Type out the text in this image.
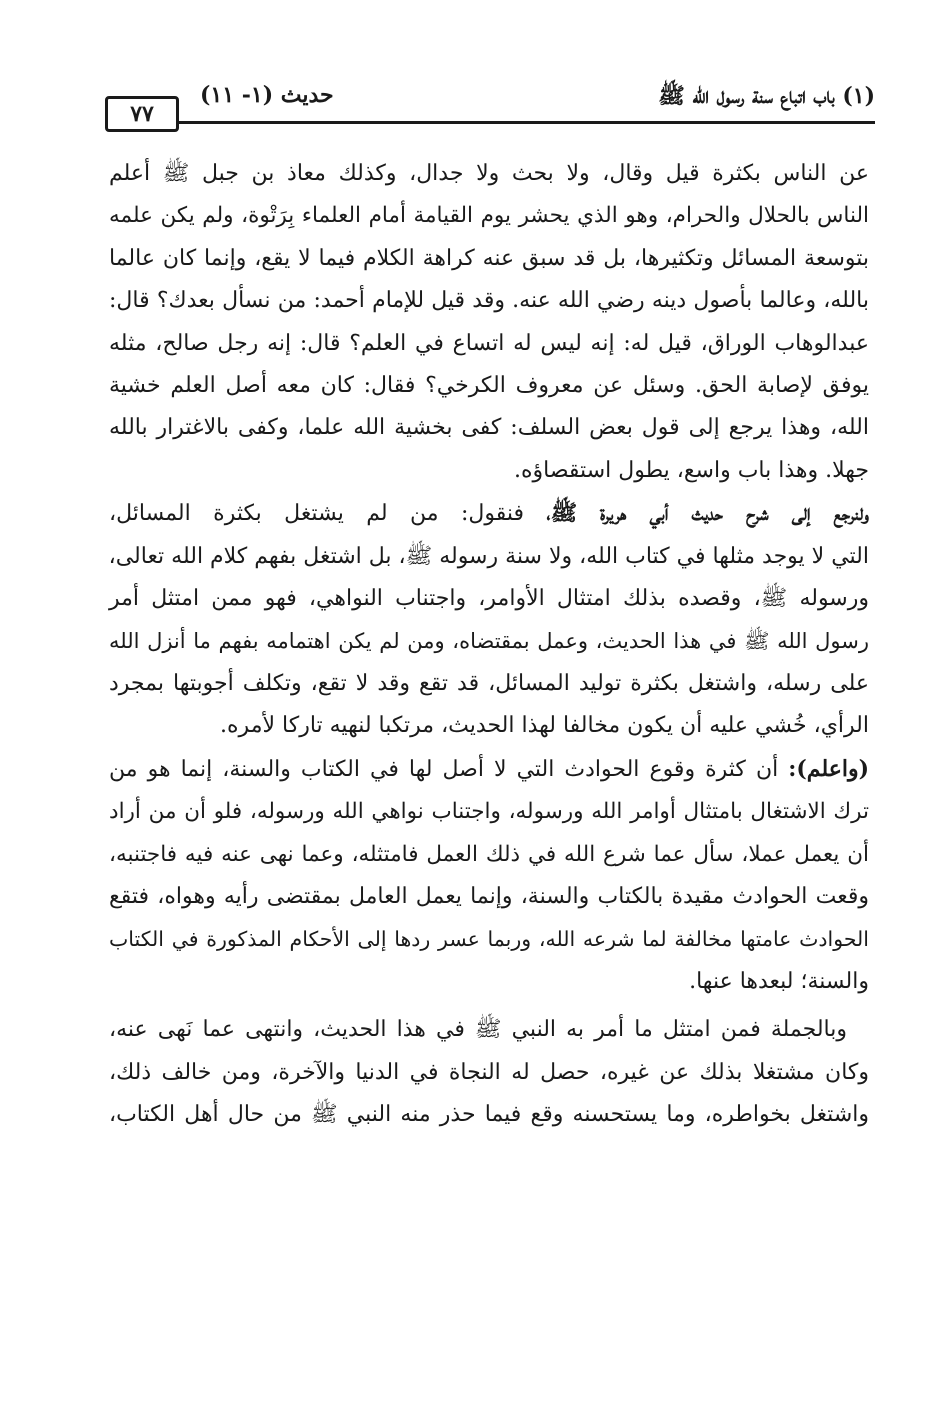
(١) باب اتباع سنة رسول الله ﷺ
حديث (١- ١١)
٧٧

عن الناس بكثرة قيل وقال، ولا بحث ولا جدال، وكذلك معاذ بن جبل ﷺ أعلم
الناس بالحلال والحرام، وهو الذي يحشر يوم القيامة أمام العلماء بِرَتْوة، ولم يكن علمه
بتوسعة المسائل وتكثيرها، بل قد سبق عنه كراهة الكلام فيما لا يقع، وإنما كان عالما
بالله، وعالما بأصول دينه رضي الله عنه. وقد قيل للإمام أحمد: من نسأل بعدك؟ قال:
عبدالوهاب الوراق، قيل له: إنه ليس له اتساع في العلم؟ قال: إنه رجل صالح، مثله
يوفق لإصابة الحق. وسئل عن معروف الكرخي؟ فقال: كان معه أصل العلم خشية
الله، وهذا يرجع إلى قول بعض السلف: كفى بخشية الله علما، وكفى بالاغترار بالله
جهلا. وهذا باب واسع، يطول استقصاؤه.

ولنرجع إلى شرح حديث أبي هريرة ﷺ، فنقول: من لم يشتغل بكثرة المسائل،
التي لا يوجد مثلها في كتاب الله، ولا سنة رسوله ﷺ، بل اشتغل بفهم كلام الله تعالى،
ورسوله ﷺ، وقصده بذلك امتثال الأوامر، واجتناب النواهي، فهو ممن امتثل أمر
رسول الله ﷺ في هذا الحديث، وعمل بمقتضاه، ومن لم يكن اهتمامه بفهم ما أنزل الله
على رسله، واشتغل بكثرة توليد المسائل، قد تقع وقد لا تقع، وتكلف أجوبتها بمجرد
الرأي، خُشي عليه أن يكون مخالفا لهذا الحديث، مرتكبا لنهيه تاركا لأمره.

(واعلم): أن كثرة وقوع الحوادث التي لا أصل لها في الكتاب والسنة، إنما هو من
ترك الاشتغال بامتثال أوامر الله ورسوله، واجتناب نواهي الله ورسوله، فلو أن من أراد
أن يعمل عملا، سأل عما شرع الله في ذلك العمل فامتثله، وعما نهى عنه فيه فاجتنبه،
وقعت الحوادث مقيدة بالكتاب والسنة، وإنما يعمل العامل بمقتضى رأيه وهواه، فتقع
الحوادث عامتها مخالفة لما شرعه الله، وربما عسر ردها إلى الأحكام المذكورة في الكتاب
والسنة؛ لبعدها عنها.

وبالجملة فمن امتثل ما أمر به النبي ﷺ في هذا الحديث، وانتهى عما نَهى عنه،
وكان مشتغلا بذلك عن غيره، حصل له النجاة في الدنيا والآخرة، ومن خالف ذلك،
واشتغل بخواطره، وما يستحسنه وقع فيما حذر منه النبي ﷺ من حال أهل الكتاب،
